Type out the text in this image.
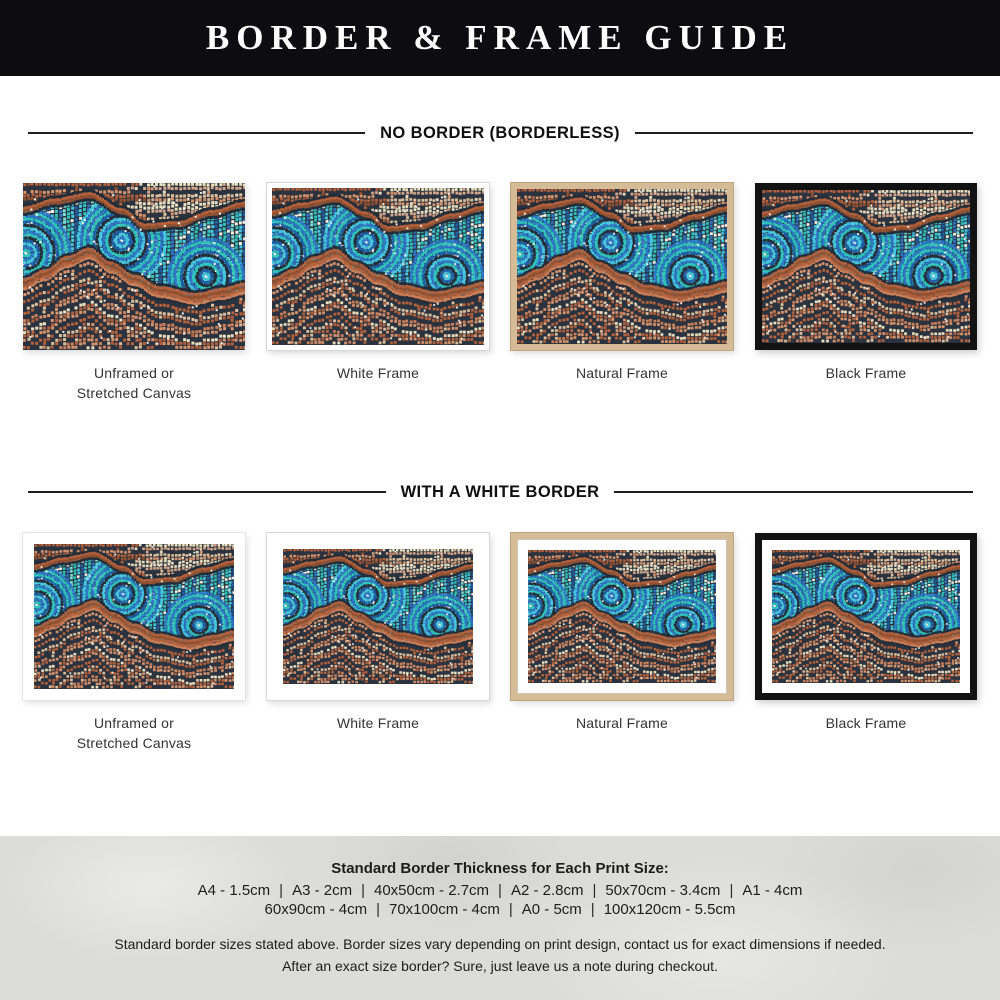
BORDER & FRAME GUIDE
NO BORDER (BORDERLESS)
Unframed or
Stretched Canvas
White Frame	Natural Frame	Black Frame
WITH A WHITE BORDER
Unframed or
Stretched Canvas
White Frame	Natural Frame	Black Frame

Standard Border Thickness for Each Print Size:

A4 - 1.5cm | A3 - 2cm | 40x50cm - 2.7cm | A2 - 2.8cm | 50x70cm - 3.4cm | A1 - 4cm

60x90cm - 4cm | 70x100cm - 4cm | A0 - 5cm | 100x120cm - 5.5cm

Standard border sizes stated above. Border sizes vary depending on print design, contact us for exact dimensions if needed. After an exact size border? Sure, just leave us a note during checkout.
